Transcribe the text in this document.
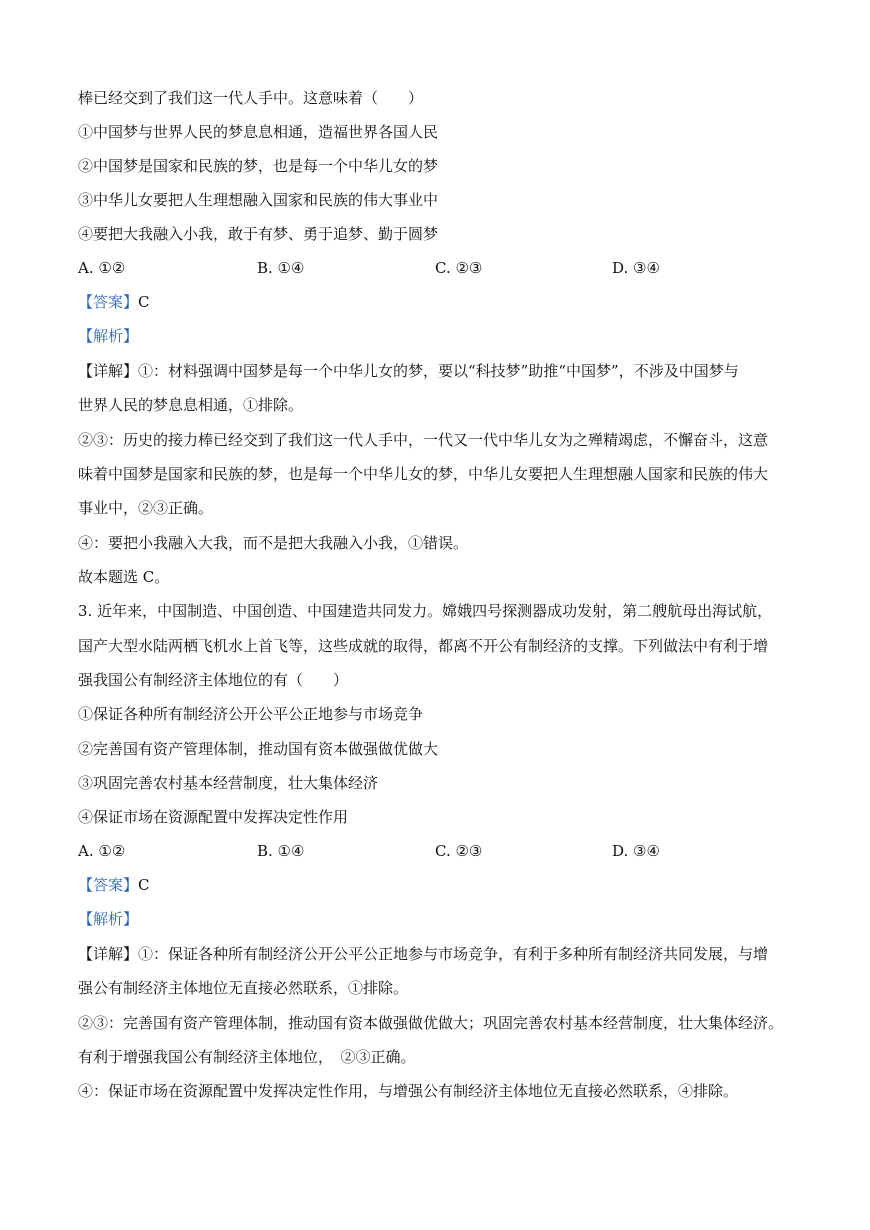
棒已经交到了我们这一代人手中。这意味着（　　）
①中国梦与世界人民的梦息息相通，造福世界各国人民
②中国梦是国家和民族的梦，也是每一个中华儿女的梦
③中华儿女要把人生理想融入国家和民族的伟大事业中
④要把大我融入小我，敢于有梦、勇于追梦、勤于圆梦
A. ①②	B. ①④	C. ②③	D. ③④
【答案】C
【解析】
【详解】①：材料强调中国梦是每一个中华儿女的梦，要以“科技梦”助推“中国梦”，不涉及中国梦与
世界人民的梦息息相通，①排除。
②③：历史的接力棒已经交到了我们这一代人手中，一代又一代中华儿女为之殚精竭虑，不懈奋斗，这意
味着中国梦是国家和民族的梦，也是每一个中华儿女的梦，中华儿女要把人生理想融人国家和民族的伟大
事业中，②③正确。
④：要把小我融入大我，而不是把大我融入小我，①错误。
故本题选 C。
3. 近年来，中国制造、中国创造、中国建造共同发力。嫦娥四号探测器成功发射，第二艘航母出海试航，
国产大型水陆两栖飞机水上首飞等，这些成就的取得，都离不开公有制经济的支撑。下列做法中有利于增
强我国公有制经济主体地位的有（　　）
①保证各种所有制经济公开公平公正地参与市场竞争
②完善国有资产管理体制，推动国有资本做强做优做大
③巩固完善农村基本经营制度，壮大集体经济
④保证市场在资源配置中发挥决定性作用
A. ①②	B. ①④	C. ②③	D. ③④
【答案】C
【解析】
【详解】①：保证各种所有制经济公开公平公正地参与市场竞争，有利于多种所有制经济共同发展，与增
强公有制经济主体地位无直接必然联系，①排除。
②③：完善国有资产管理体制，推动国有资本做强做优做大；巩固完善农村基本经营制度，壮大集体经济。
有利于增强我国公有制经济主体地位，　②③正确。
④：保证市场在资源配置中发挥决定性作用，与增强公有制经济主体地位无直接必然联系，④排除。
